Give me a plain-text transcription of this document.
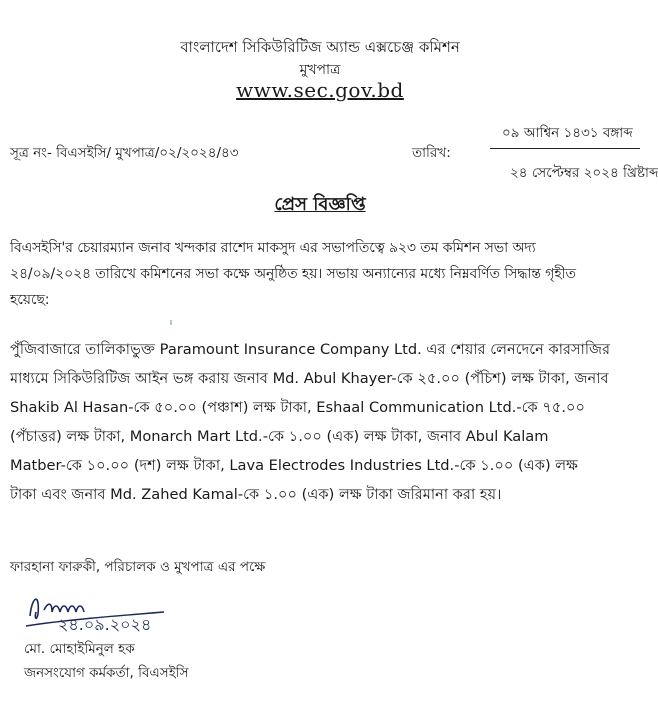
বাংলাদেশ সিকিউরিটিজ অ্যান্ড এক্সচেঞ্জ কমিশন
মুখপাত্র
www.sec.gov.bd
০৯ আশ্বিন ১৪৩১ বঙ্গাব্দ
সূত্র নং- বিএসইসি/ মুখপাত্র/০২/২০২৪/৪৩	তারিখ:
২৪ সেপ্টেম্বর ২০২৪ খ্রিষ্টাব্দ
প্রেস বিজ্ঞপ্তি
বিএসইসি'র চেয়ারম্যান জনাব খন্দকার রাশেদ মাকসুদ এর সভাপতিত্বে ৯২৩ তম কমিশন সভা অদ্য
২৪/০৯/২০২৪ তারিখে কমিশনের সভা কক্ষে অনুষ্ঠিত হয়। সভায় অন্যান্যের মধ্যে নিম্নবর্ণিত সিদ্ধান্ত গৃহীত
হয়েছে:
পুঁজিবাজারে তালিকাভুক্ত Paramount Insurance Company Ltd. এর শেয়ার লেনদেনে কারসাজির
মাধ্যমে সিকিউরিটিজ আইন ভঙ্গ করায় জনাব Md. Abul Khayer-কে ২৫.০০ (পঁচিশ) লক্ষ টাকা, জনাব
Shakib Al Hasan-কে ৫০.০০ (পঞ্চাশ) লক্ষ টাকা, Eshaal Communication Ltd.-কে ৭৫.০০
(পঁচাত্তর) লক্ষ টাকা, Monarch Mart Ltd.-কে ১.০০ (এক) লক্ষ টাকা, জনাব Abul Kalam
Matber-কে ১০.০০ (দশ) লক্ষ টাকা, Lava Electrodes Industries Ltd.-কে ১.০০ (এক) লক্ষ
টাকা এবং জনাব Md. Zahed Kamal-কে ১.০০ (এক) লক্ষ টাকা জরিমানা করা হয়।
ফারহানা ফারুকী, পরিচালক ও মুখপাত্র এর পক্ষে
২৪.০৯.২০২৪
মো. মোহাইমিনুল হক
জনসংযোগ কর্মকর্তা, বিএসইসি
